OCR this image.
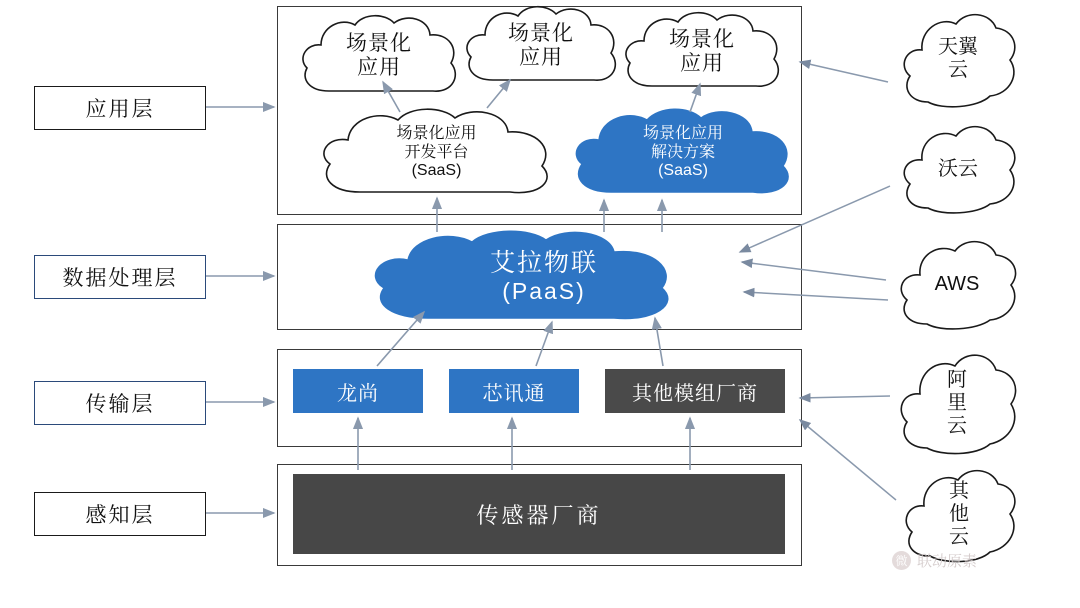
应用层
数据处理层
传输层
感知层
场景化
应用
场景化
应用
场景化
应用
场景化应用
开发平台
(SaaS)
场景化应用
解决方案
(SaaS)
艾拉物联
(PaaS)
龙尚	芯讯通	其他模组厂商
传感器厂商
天翼
云
沃云
AWS
阿
里
云
其
他
云
微 联动原素
